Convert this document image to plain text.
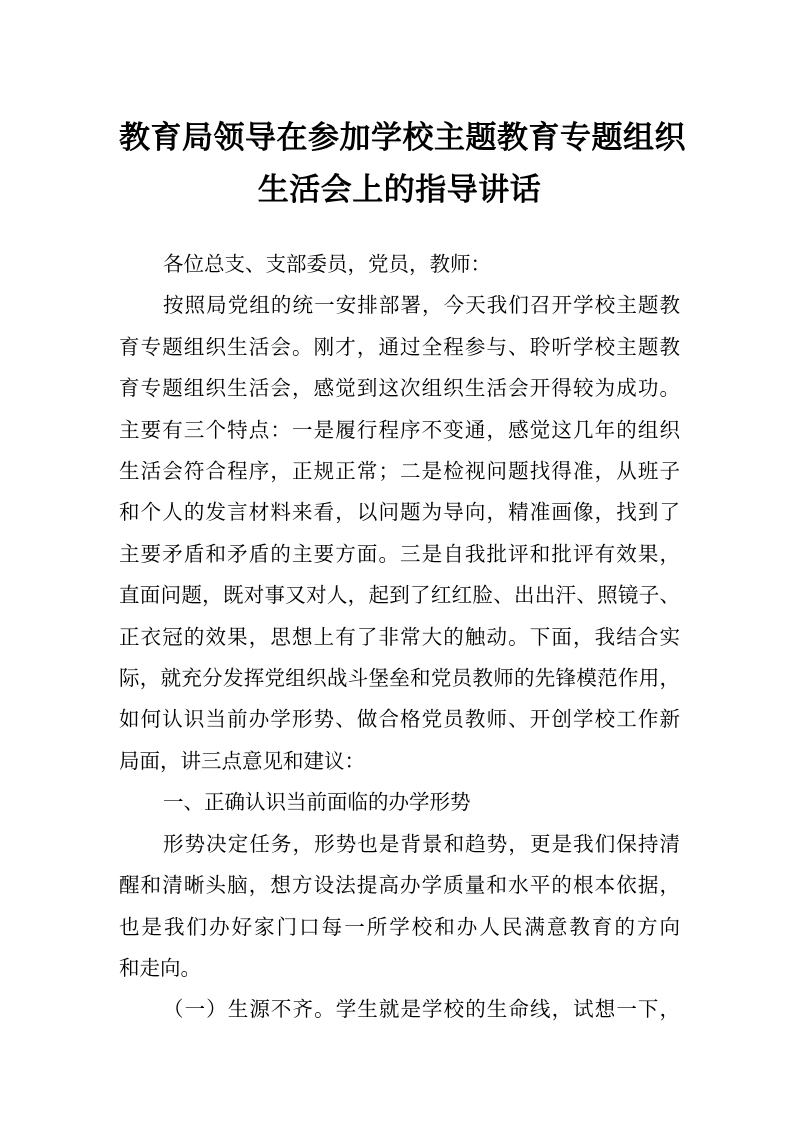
教育局领导在参加学校主题教育专题组织
生活会上的指导讲话
各位总支、支部委员，党员，教师：
按照局党组的统一安排部署，今天我们召开学校主题教
育专题组织生活会。刚才，通过全程参与、聆听学校主题教
育专题组织生活会，感觉到这次组织生活会开得较为成功。
主要有三个特点：一是履行程序不变通，感觉这几年的组织
生活会符合程序，正规正常；二是检视问题找得准，从班子
和个人的发言材料来看，以问题为导向，精准画像，找到了
主要矛盾和矛盾的主要方面。三是自我批评和批评有效果，
直面问题，既对事又对人，起到了红红脸、出出汗、照镜子、
正衣冠的效果，思想上有了非常大的触动。下面，我结合实
际，就充分发挥党组织战斗堡垒和党员教师的先锋模范作用，
如何认识当前办学形势、做合格党员教师、开创学校工作新
局面，讲三点意见和建议：
一、正确认识当前面临的办学形势
形势决定任务，形势也是背景和趋势，更是我们保持清
醒和清晰头脑，想方设法提高办学质量和水平的根本依据，
也是我们办好家门口每一所学校和办人民满意教育的方向
和走向。
（一）生源不齐。学生就是学校的生命线，试想一下，
